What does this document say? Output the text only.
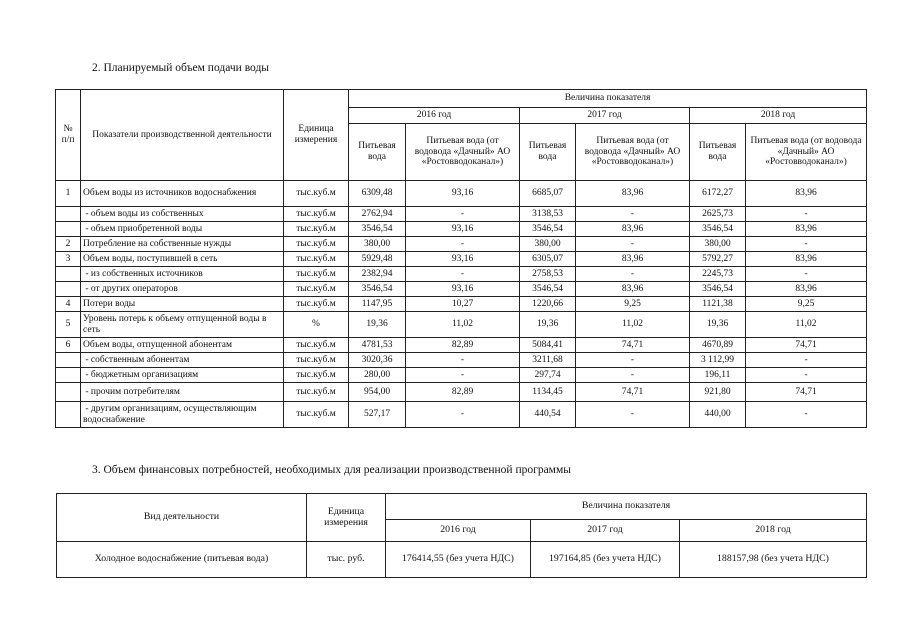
2. Планируемый объем подачи воды
№
п/п	Показатели производственной деятельности	Единица измерения	Величина показателя					
			2016 год		2017 год		2018 год	
			Питьевая вода	Питьевая вода (от водовода «Дачный» АО «Ростовводоканал»)	Питьевая вода	Питьевая вода (от водовода «Дачный» АО «Ростовводоканал»)	Питьевая вода	Питьевая вода (от водовода «Дачный» АО «Ростовводоканал»)
1	Объем воды из источников водоснабжения	тыс.куб.м	6309,48	93,16	6685,07	83,96	6172,27	83,96
	- объем воды из собственных	тыс.куб.м	2762,94	-	3138,53	-	2625,73	-
	- объем приобретенной воды	тыс.куб.м	3546,54	93,16	3546,54	83,96	3546,54	83,96
2	Потребление на собственные нужды	тыс.куб.м	380,00	-	380,00	-	380,00	-
3	Объем воды, поступившей в сеть	тыс.куб.м	5929,48	93,16	6305,07	83,96	5792,27	83,96
	- из собственных источников	тыс.куб.м	2382,94	-	2758,53	-	2245,73	-
	- от других операторов	тыс.куб.м	3546,54	93,16	3546,54	83,96	3546,54	83,96
4	Потери воды	тыс.куб.м	1147,95	10,27	1220,66	9,25	1121,38	9,25
5	Уровень потерь к объему отпущенной воды в сеть	%	19,36	11,02	19,36	11,02	19,36	11,02
6	Объем воды, отпущенной абонентам	тыс.куб.м	4781,53	82,89	5084,41	74,71	4670,89	74,71
	- собственным абонентам	тыс.куб.м	3020,36	-	3211,68	-	3 112,99	-
	- бюджетным организациям	тыс.куб.м	280,00	-	297,74	-	196,11	-
	- прочим потребителям	тыс.куб.м	954,00	82,89	1134,45	74,71	921,80	74,71
	- другим организациям, осуществляющим водоснабжение	тыс.куб.м	527,17	-	440,54	-	440,00	-
3. Объем финансовых потребностей, необходимых для реализации производственной программы
Вид деятельности	Единица измерения	Величина показателя		
		2016 год	2017 год	2018 год
Холодное водоснабжение (питьевая вода)	тыс. руб.	176414,55 (без учета НДС)	197164,85 (без учета НДС)	188157,98 (без учета НДС)
